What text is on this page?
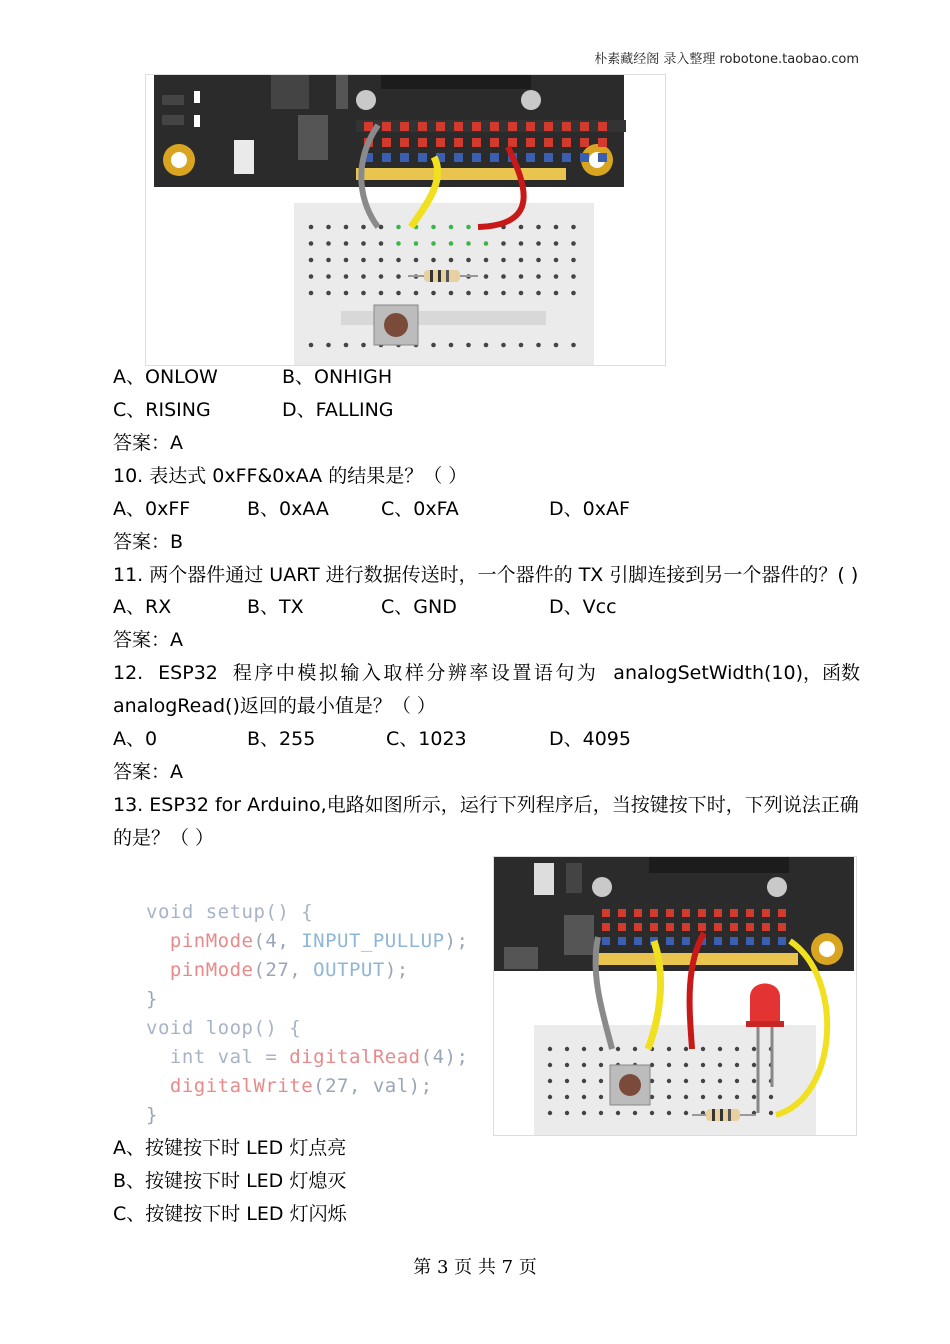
朴素藏经阁 录入整理 robotone.taobao.com
A、ONLOW	B、ONHIGH
C、RISING	D、FALLING
答案：A
10. 表达式 0xFF&0xAA 的结果是？（ ）
A、0xFF	B、0xAA	C、0xFA	D、0xAF
答案：B
11. 两个器件通过 UART 进行数据传送时，一个器件的 TX 引脚连接到另一个器件的？( )
A、RX	B、TX	C、GND	D、Vcc
答案：A
12. ESP32 程序中模拟输入取样分辨率设置语句为 analogSetWidth(10)，函数
analogRead()返回的最小值是？（ ）
A、0	B、255	C、1023	D、4095
答案：A
13. ESP32 for Arduino,电路如图所示，运行下列程序后，当按键按下时，下列说法正确
的是？（ ）
void setup() {
pinMode(4, INPUT_PULLUP);
pinMode(27, OUTPUT);
}
void loop() {
int val = digitalRead(4);
digitalWrite(27, val);
}
A、按键按下时 LED 灯点亮
B、按键按下时 LED 灯熄灭
C、按键按下时 LED 灯闪烁
第 3 页 共 7 页
